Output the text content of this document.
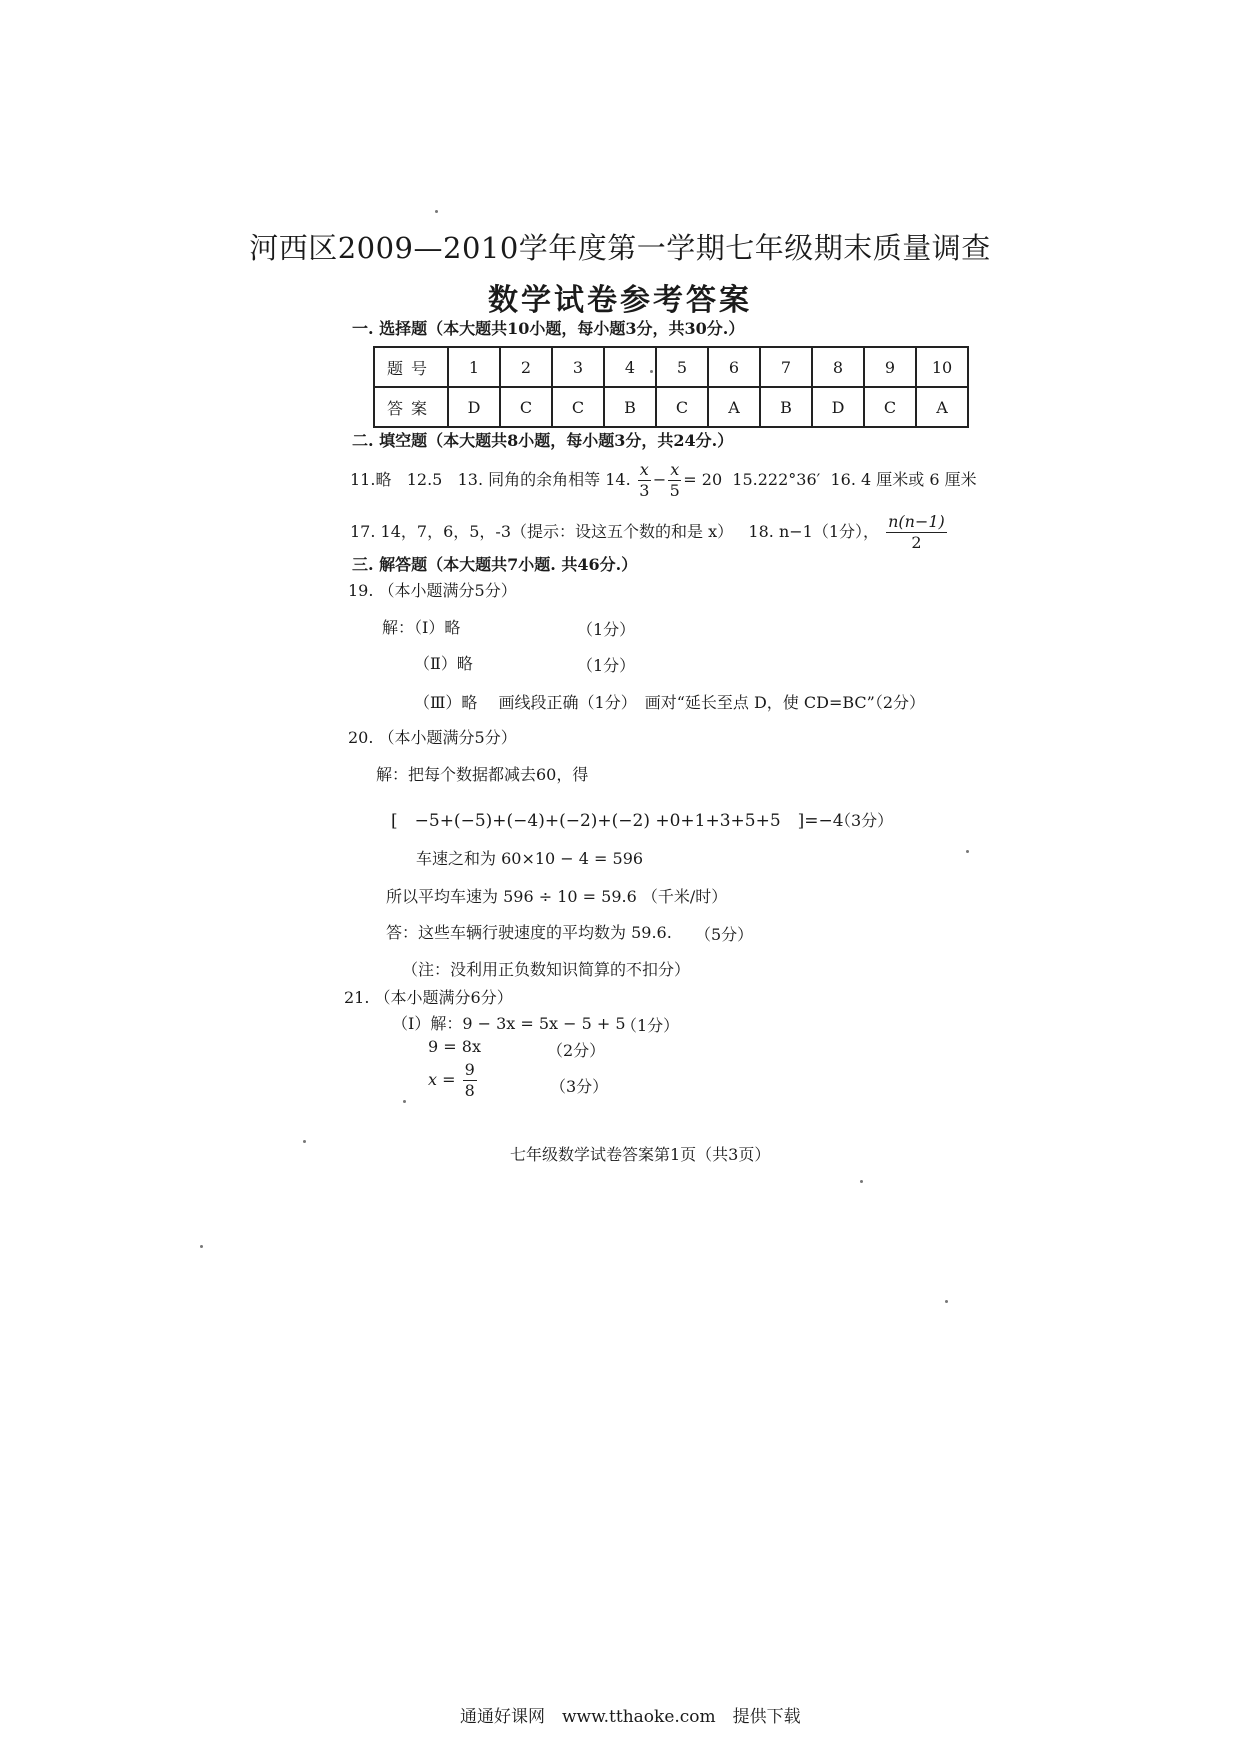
河西区2009—2010学年度第一学期七年级期末质量调查
数学试卷参考答案
一. 选择题（本大题共10小题，每小题3分，共30分.）
题号	1	2	3	4	5	6	7	8	9	10
答案	D	C	C	B	C	A	B	D	C	A
二. 填空题（本大题共8小题，每小题3分，共24分.）
11.略 12.5 13. 同角的余角相等 14. $\frac{x}{3} - \frac{x}{5} = 20$ 15.222°36′ 16. 4 厘米或 6 厘米
17. 14，7，6，5，-3（提示：设这五个数的和是 x） 18. n−1（1分）， $\frac{n(n-1)}{2}$
三. 解答题（本大题共7小题. 共46分.）
19. （本小题满分5分）
解：（Ⅰ）略	（1分）
（Ⅱ）略	（1分）
（Ⅲ）略　 画线段正确（1分）　画对“延长至点 D，使 CD=BC”（2分）
20. （本小题满分5分）
解：把每个数据都减去60，得
[　−5+(−5)+(−4)+(−2)+(−2) +0+1+3+5+5　]=−4
（3分）
车速之和为 60×10 − 4 = 596
所以平均车速为 596 ÷ 10 = 59.6 （千米/时）
答：这些车辆行驶速度的平均数为 59.6. （5分）
（注：没利用正负数知识简算的不扣分）
21. （本小题满分6分）
（Ⅰ）解：9 − 3x = 5x − 5 + 5
（1分）
9 = 8x	（2分）
$x = \frac{9}{8}$	（3分）
七年级数学试卷答案第1页（共3页）
通通好课网　www.tthaoke.com　提供下载
